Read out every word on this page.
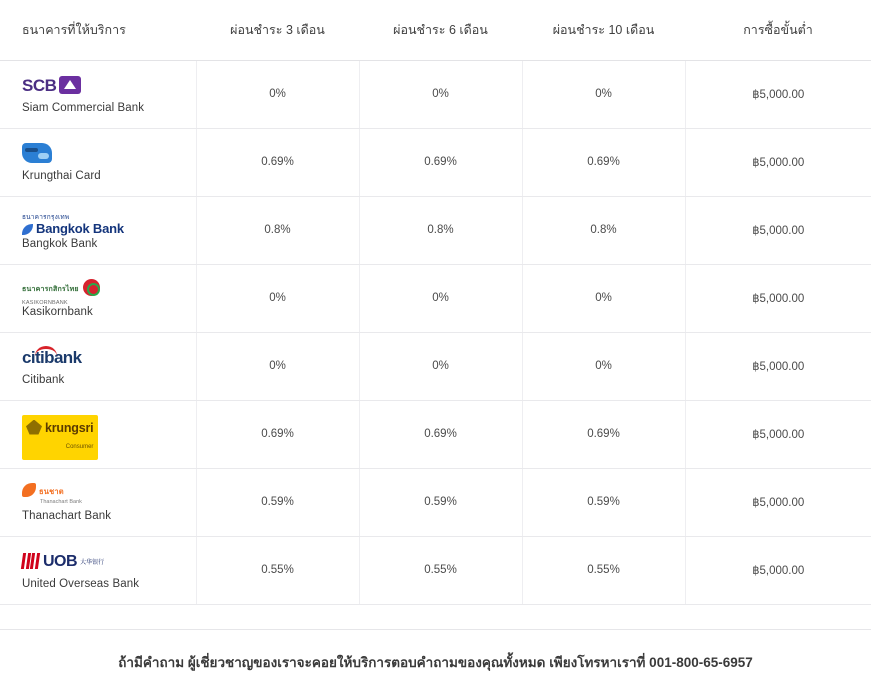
ธนาคารที่ให้บริการ	ผ่อนชำระ 3 เดือน	ผ่อนชำระ 6 เดือน	ผ่อนชำระ 10 เดือน	การซื้อขั้นต่ำ

SCB
Siam Commercial Bank	0%	0%	0%	฿5,000.00

Krungthai Card	0.69%	0.69%	0.69%	฿5,000.00

ธนาคารกรุงเทพ
Bangkok Bank
Bangkok Bank	0.8%	0.8%	0.8%	฿5,000.00

ธนาคารกสิกรไทย
KASIKORNBANK
Kasikornbank	0%	0%	0%	฿5,000.00

citibank
Citibank	0%	0%	0%	฿5,000.00

krungsri
Consumer	0.69%	0.69%	0.69%	฿5,000.00

ธนชาต
Thanachart Bank
Thanachart Bank	0.59%	0.59%	0.59%	฿5,000.00

UOB 大华银行
United Overseas Bank	0.55%	0.55%	0.55%	฿5,000.00
ถ้ามีคำถาม ผู้เชี่ยวชาญของเราจะคอยให้บริการตอบคำถามของคุณทั้งหมด เพียงโทรหาเราที่ 001-800-65-6957
